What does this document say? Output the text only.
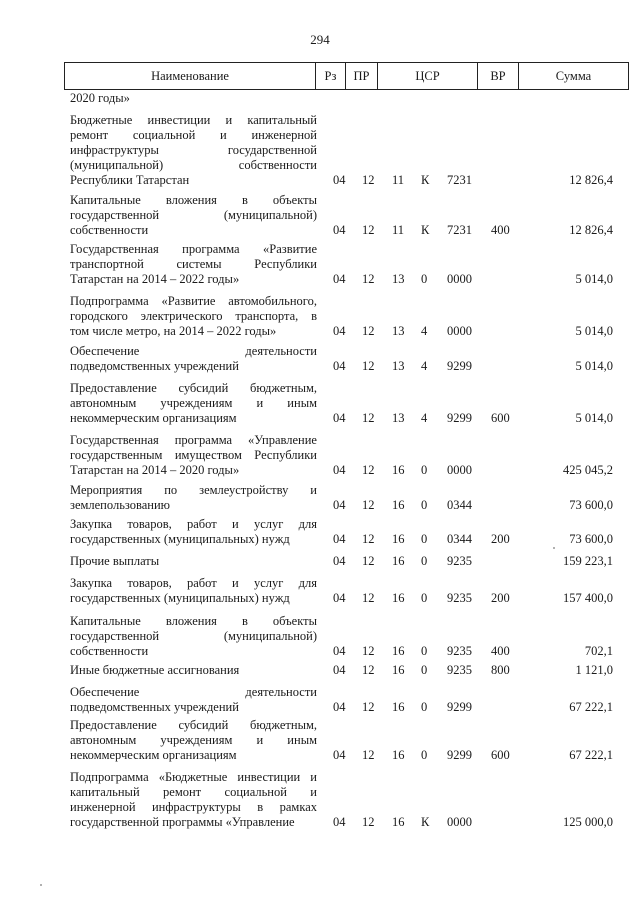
294
Наименование	Рз	ПР	ЦСР	ВР	Сумма
2020 годы»
Бюджетные инвестиции и капитальный
ремонт социальной и инженерной
инфраструктуры государственной
(муниципальной) собственности
Республики Татарстан	04 12 11 К 7231	12 826,4
Капитальные вложения в объекты
государственной (муниципальной)
собственности	04 12 11 К 7231 400	12 826,4
Государственная программа «Развитие
транспортной системы Республики
Татарстан на 2014 – 2022 годы»	04 12 13 0 0000	5 014,0
Подпрограмма «Развитие автомобильного,
городского электрического транспорта, в
том числе метро, на 2014 – 2022 годы»	04 12 13 4 0000	5 014,0
Обеспечение деятельности
подведомственных учреждений	04 12 13 4 9299	5 014,0
Предоставление субсидий бюджетным,
автономным учреждениям и иным
некоммерческим организациям	04 12 13 4 9299 600	5 014,0
Государственная программа «Управление
государственным имуществом Республики
Татарстан на 2014 – 2020 годы»	04 12 16 0 0000	425 045,2
Мероприятия по землеустройству и
землепользованию	04 12 16 0 0344	73 600,0
Закупка товаров, работ и услуг для
государственных (муниципальных) нужд	04 12 16 0 0344 200	73 600,0
Прочие выплаты	04 12 16 0 9235	159 223,1
Закупка товаров, работ и услуг для
государственных (муниципальных) нужд	04 12 16 0 9235 200	157 400,0
Капитальные вложения в объекты
государственной (муниципальной)
собственности	04 12 16 0 9235 400	702,1
Иные бюджетные ассигнования	04 12 16 0 9235 800	1 121,0
Обеспечение деятельности
подведомственных учреждений	04 12 16 0 9299	67 222,1
Предоставление субсидий бюджетным,
автономным учреждениям и иным
некоммерческим организациям	04 12 16 0 9299 600	67 222,1
Подпрограмма «Бюджетные инвестиции и
капитальный ремонт социальной и
инженерной инфраструктуры в рамках
государственной программы «Управление	04 12 16 К 0000	125 000,0
